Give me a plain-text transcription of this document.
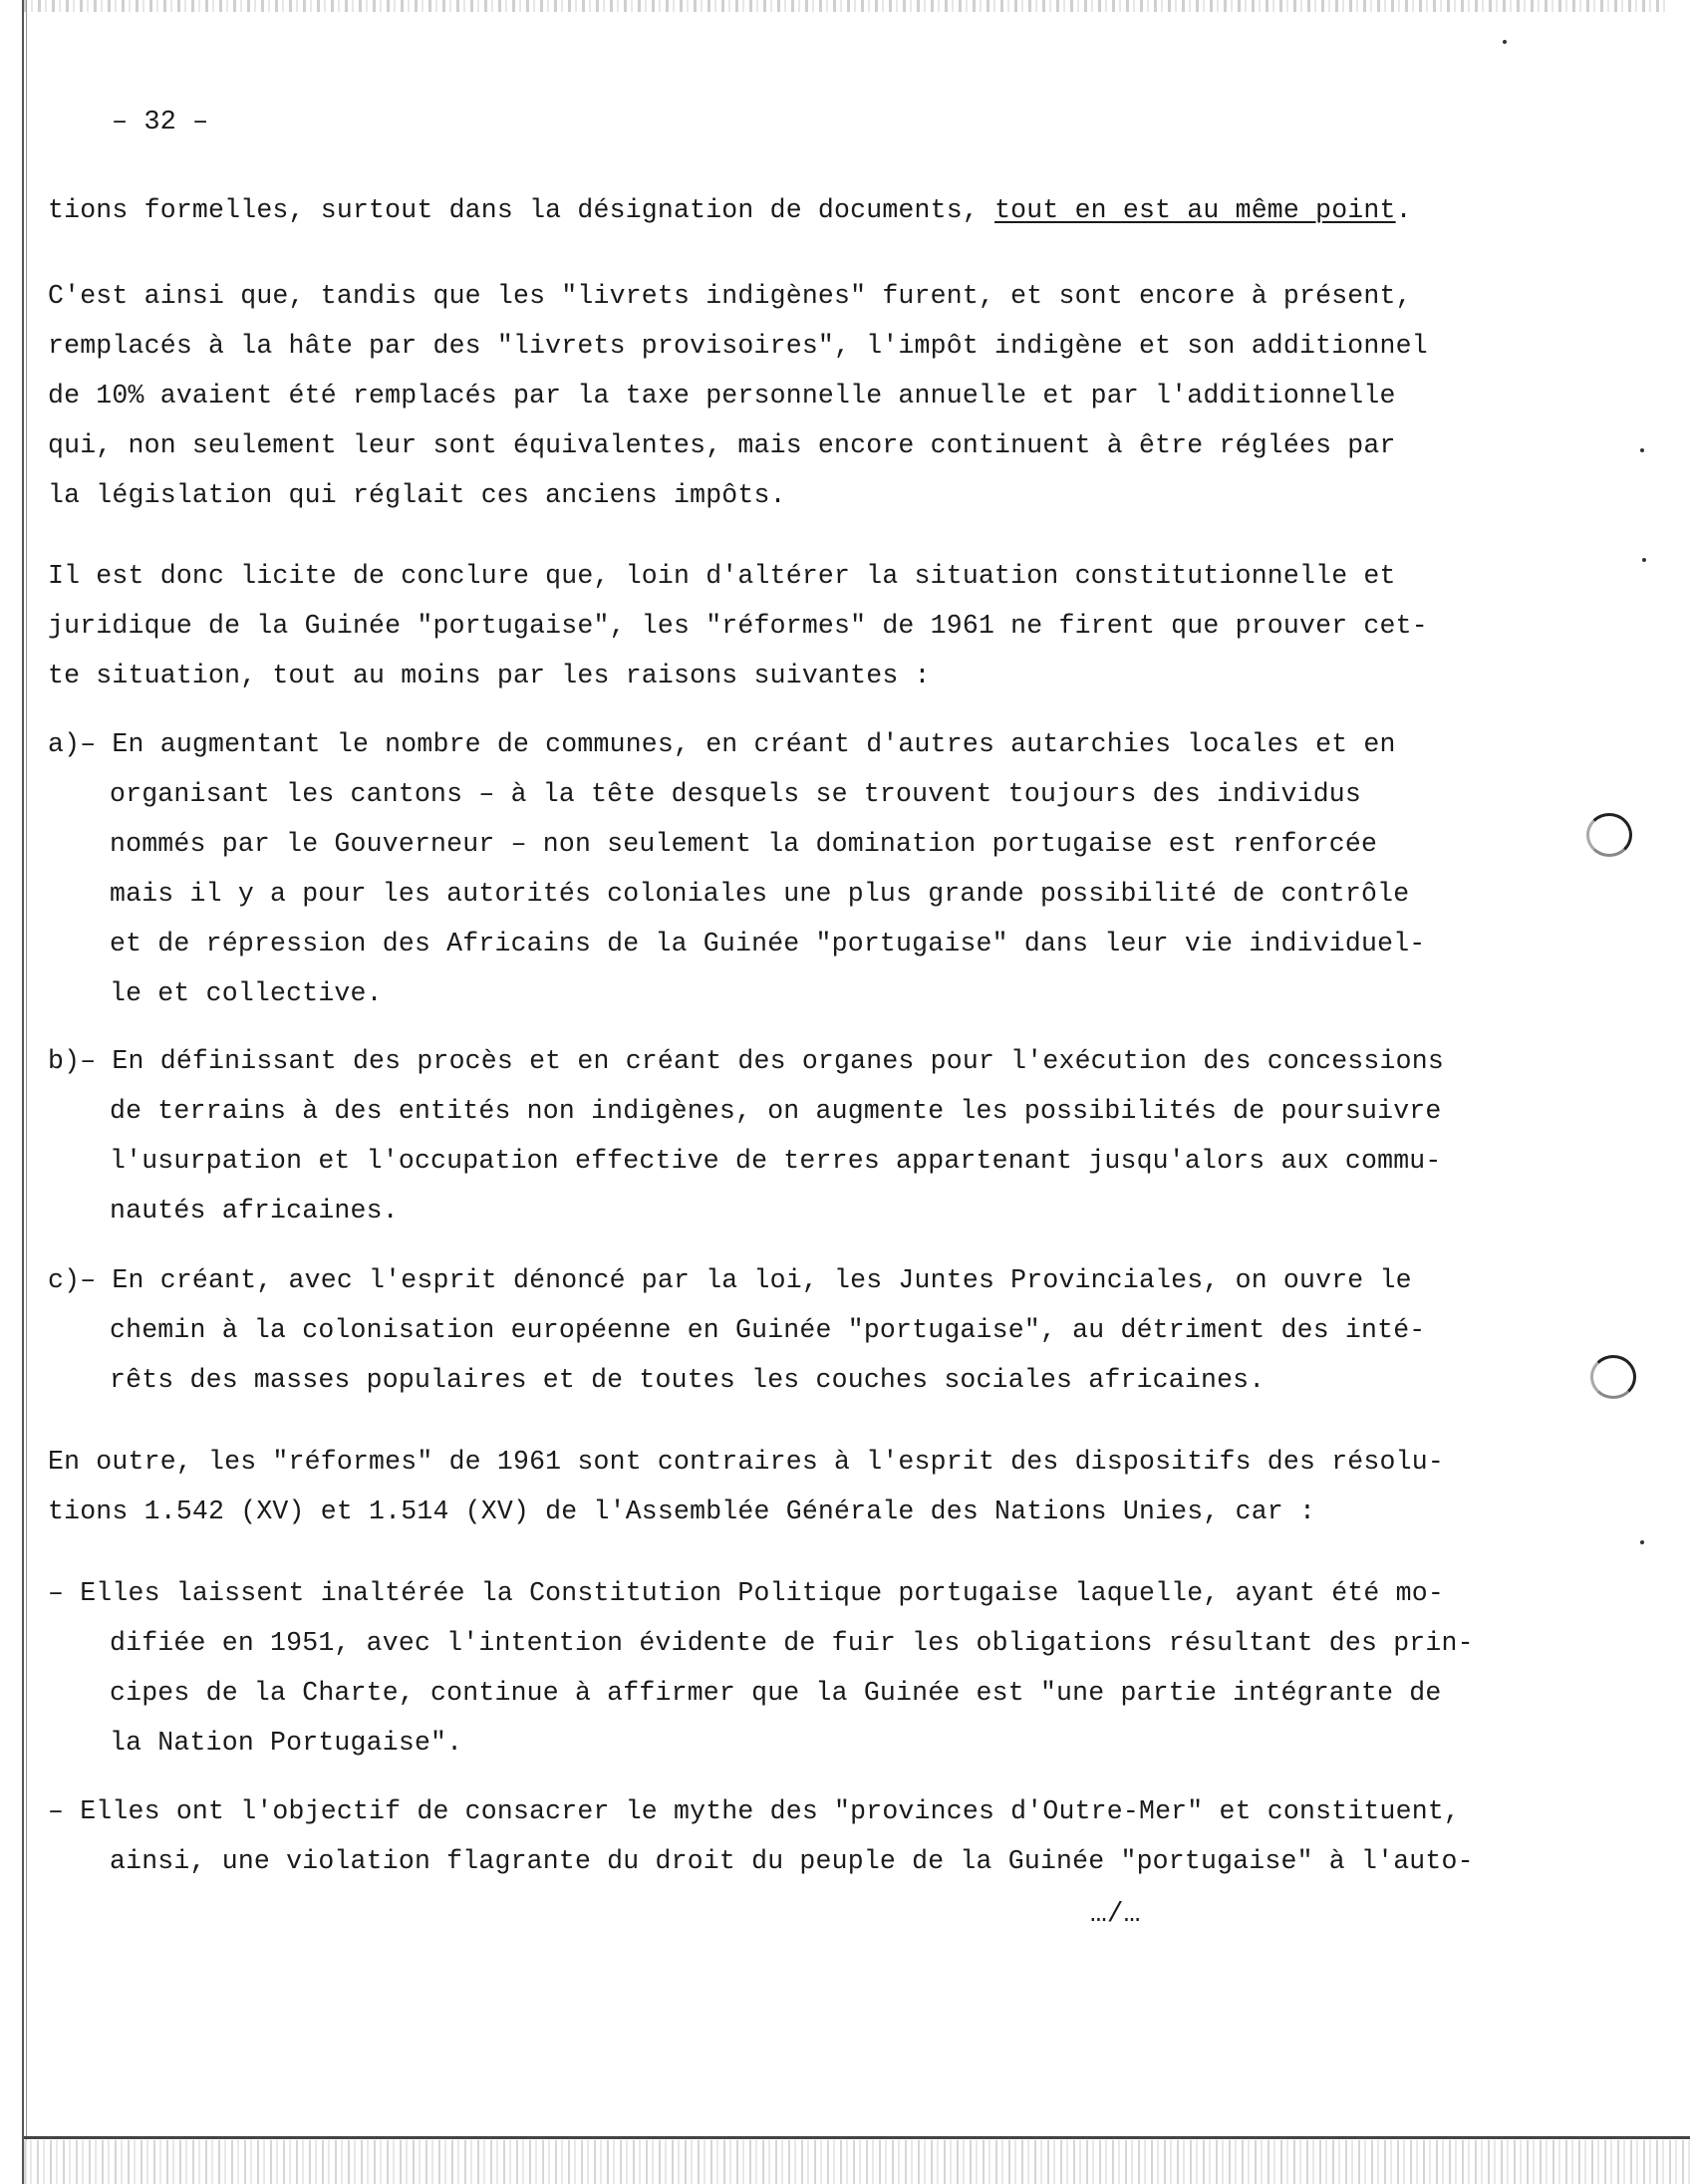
– 32 –
tions formelles, surtout dans la désignation de documents, tout en est au même point.
C'est ainsi que, tandis que les "livrets indigènes" furent, et sont encore à présent,
remplacés à la hâte par des "livrets provisoires", l'impôt indigène et son additionnel
de 10% avaient été remplacés par la taxe personnelle annuelle et par l'additionnelle
qui, non seulement leur sont équivalentes, mais encore continuent à être réglées par
la législation qui réglait ces anciens impôts.
Il est donc licite de conclure que, loin d'altérer la situation constitutionnelle et
juridique de la Guinée "portugaise", les "réformes" de 1961 ne firent que prouver cet-
te situation, tout au moins par les raisons suivantes :
a)– En augmentant le nombre de communes, en créant d'autres autarchies locales et en
organisant les cantons – à la tête desquels se trouvent toujours des individus
nommés par le Gouverneur – non seulement la domination portugaise est renforcée
mais il y a pour les autorités coloniales une plus grande possibilité de contrôle
et de répression des Africains de la Guinée "portugaise" dans leur vie individuel-
le et collective.
b)– En définissant des procès et en créant des organes pour l'exécution des concessions
de terrains à des entités non indigènes, on augmente les possibilités de poursuivre
l'usurpation et l'occupation effective de terres appartenant jusqu'alors aux commu-
nautés africaines.
c)– En créant, avec l'esprit dénoncé par la loi, les Juntes Provinciales, on ouvre le
chemin à la colonisation européenne en Guinée "portugaise", au détriment des inté-
rêts des masses populaires et de toutes les couches sociales africaines.
En outre, les "réformes" de 1961 sont contraires à l'esprit des dispositifs des résolu-
tions 1.542 (XV) et 1.514 (XV) de l'Assemblée Générale des Nations Unies, car :
– Elles laissent inaltérée la Constitution Politique portugaise laquelle, ayant été mo-
difiée en 1951, avec l'intention évidente de fuir les obligations résultant des prin-
cipes de la Charte, continue à affirmer que la Guinée est "une partie intégrante de
la Nation Portugaise".
– Elles ont l'objectif de consacrer le mythe des "provinces d'Outre-Mer" et constituent,
ainsi, une violation flagrante du droit du peuple de la Guinée "portugaise" à l'auto-
…/…
